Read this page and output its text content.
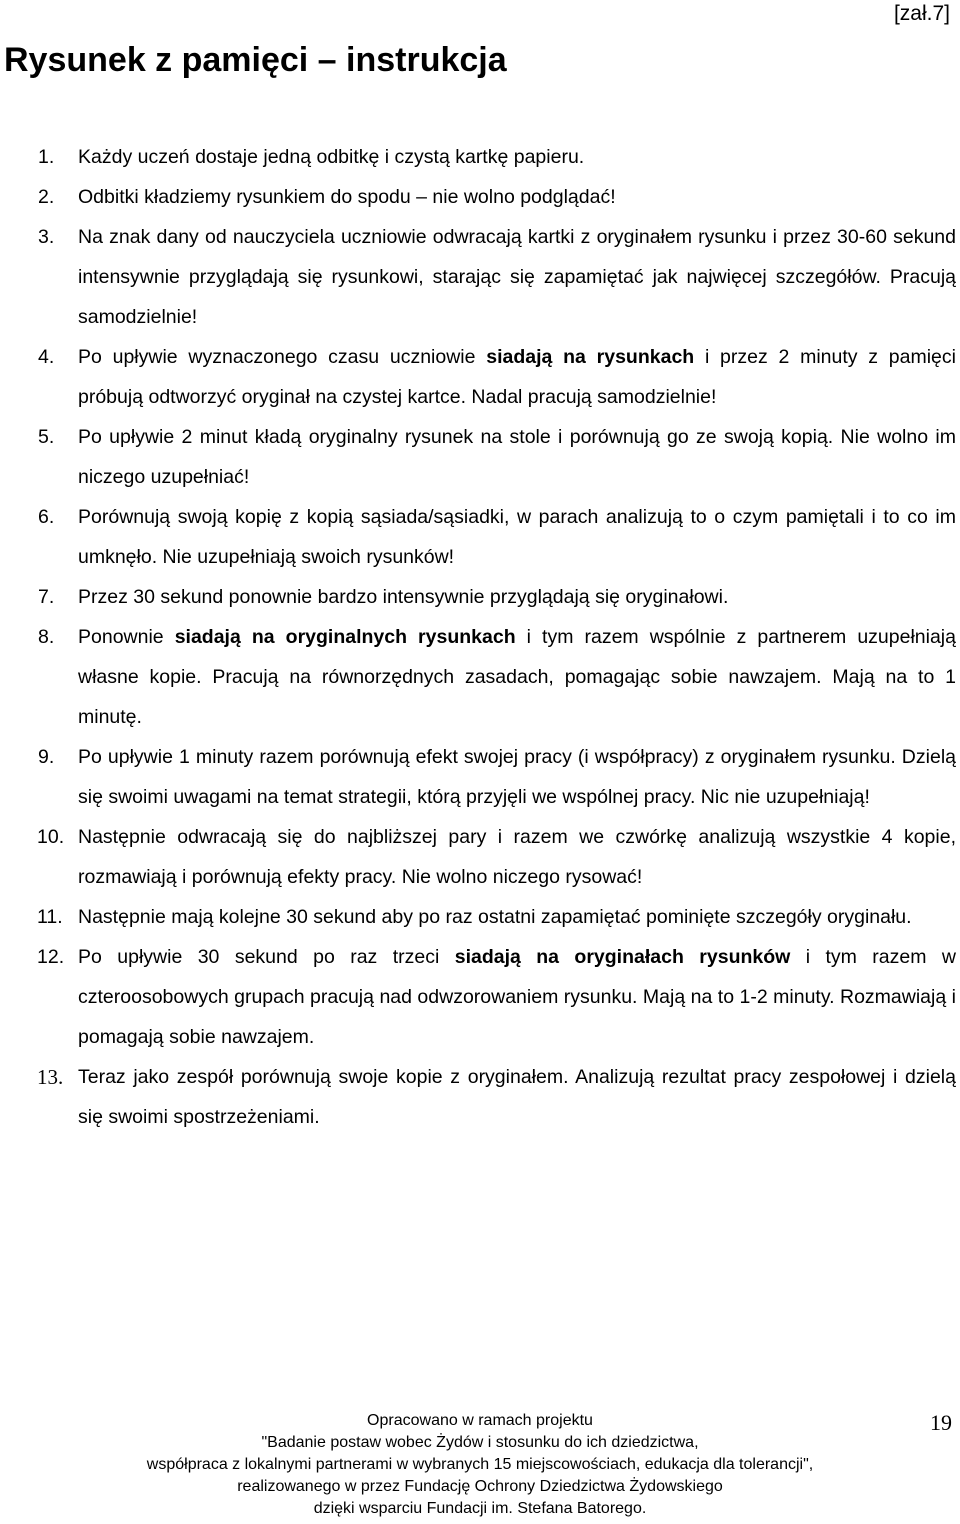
[zał.7]
Rysunek z pamięci – instrukcja
1.	Każdy uczeń dostaje jedną odbitkę i czystą kartkę papieru.
2.	Odbitki kładziemy rysunkiem do spodu – nie wolno podglądać!
3.	Na znak dany od nauczyciela uczniowie odwracają kartki z oryginałem rysunku i przez 30-60 sekund intensywnie przyglądają się rysunkowi, starając się zapamiętać jak najwięcej szczegółów. Pracują samodzielnie!
4.	Po upływie wyznaczonego czasu uczniowie siadają na rysunkach i przez 2 minuty z pamięci próbują odtworzyć oryginał na czystej kartce. Nadal pracują samodzielnie!
5.	Po upływie 2 minut kładą oryginalny rysunek na stole i porównują go ze swoją kopią. Nie wolno im niczego uzupełniać!
6.	Porównują swoją kopię z kopią sąsiada/sąsiadki, w parach analizują to o czym pamiętali i to co im umknęło. Nie uzupełniają swoich rysunków!
7.	Przez 30 sekund ponownie bardzo intensywnie przyglądają się oryginałowi.
8.	Ponownie siadają na oryginalnych rysunkach i tym razem wspólnie z partnerem uzupełniają własne kopie. Pracują na równorzędnych zasadach, pomagając sobie nawzajem. Mają na to 1 minutę.
9.	Po upływie 1 minuty razem porównują efekt swojej pracy (i współpracy) z oryginałem rysunku. Dzielą się swoimi uwagami na temat strategii, którą przyjęli we wspólnej pracy. Nic nie uzupełniają!
10. Następnie odwracają się do najbliższej pary i razem we czwórkę analizują wszystkie 4 kopie, rozmawiają i porównują efekty pracy. Nie wolno niczego rysować!
11. Następnie mają kolejne 30 sekund aby po raz ostatni zapamiętać pominięte szczegóły oryginału.
12. Po upływie 30 sekund po raz trzeci siadają na oryginałach rysunków i tym razem w czteroosobowych grupach pracują nad odwzorowaniem rysunku. Mają na to 1-2 minuty. Rozmawiają i pomagają sobie nawzajem.
13. Teraz jako zespół porównują swoje kopie z oryginałem. Analizują rezultat pracy zespołowej i dzielą się swoimi spostrzeżeniami.
Opracowano w ramach projektu
"Badanie postaw wobec Żydów i stosunku do ich dziedzictwa,
współpraca z lokalnymi partnerami w wybranych 15 miejscowościach, edukacja dla tolerancji",
realizowanego w przez Fundację Ochrony Dziedzictwa Żydowskiego
dzięki wsparciu Fundacji im. Stefana Batorego.
19
